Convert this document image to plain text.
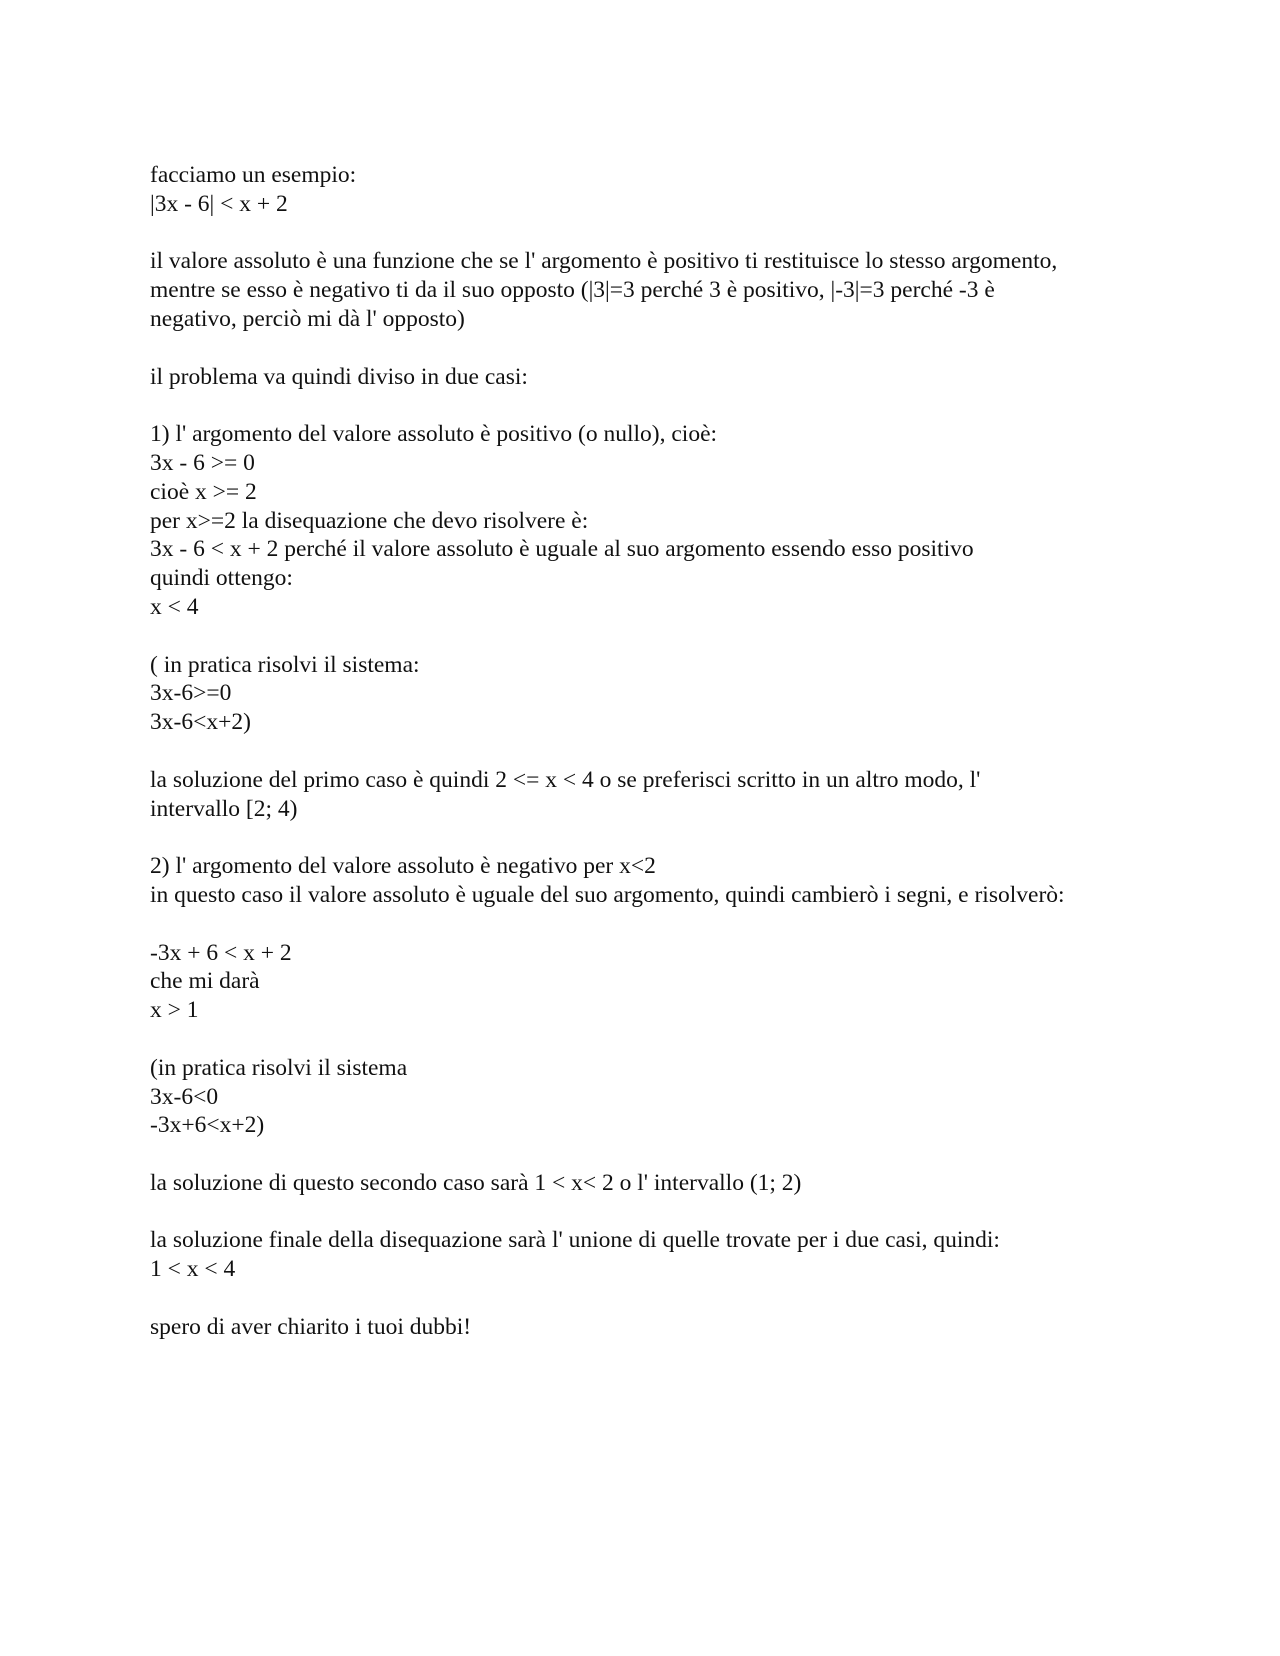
facciamo un esempio:
|3x - 6| < x + 2
il valore assoluto è una funzione che se l' argomento è positivo ti restituisce lo stesso argomento,
mentre se esso è negativo ti da il suo opposto (|3|=3 perché 3 è positivo, |-3|=3 perché -3 è
negativo, perciò mi dà l' opposto)
il problema va quindi diviso in due casi:
1) l' argomento del valore assoluto è positivo (o nullo), cioè:
3x - 6 >= 0
cioè x >= 2
per x>=2 la disequazione che devo risolvere è:
3x - 6 < x + 2 perché il valore assoluto è uguale al suo argomento essendo esso positivo
quindi ottengo:
x < 4
( in pratica risolvi il sistema:
3x-6>=0
3x-6<x+2)
la soluzione del primo caso è quindi 2 <= x < 4 o se preferisci scritto in un altro modo, l'
intervallo [2; 4)
2) l' argomento del valore assoluto è negativo per x<2
in questo caso il valore assoluto è uguale del suo argomento, quindi cambierò i segni, e risolverò:
-3x + 6 < x + 2
che mi darà
x > 1
(in pratica risolvi il sistema
3x-6<0
-3x+6<x+2)
la soluzione di questo secondo caso sarà 1 < x< 2 o l' intervallo (1; 2)
la soluzione finale della disequazione sarà l' unione di quelle trovate per i due casi, quindi:
1 < x < 4
spero di aver chiarito i tuoi dubbi!
